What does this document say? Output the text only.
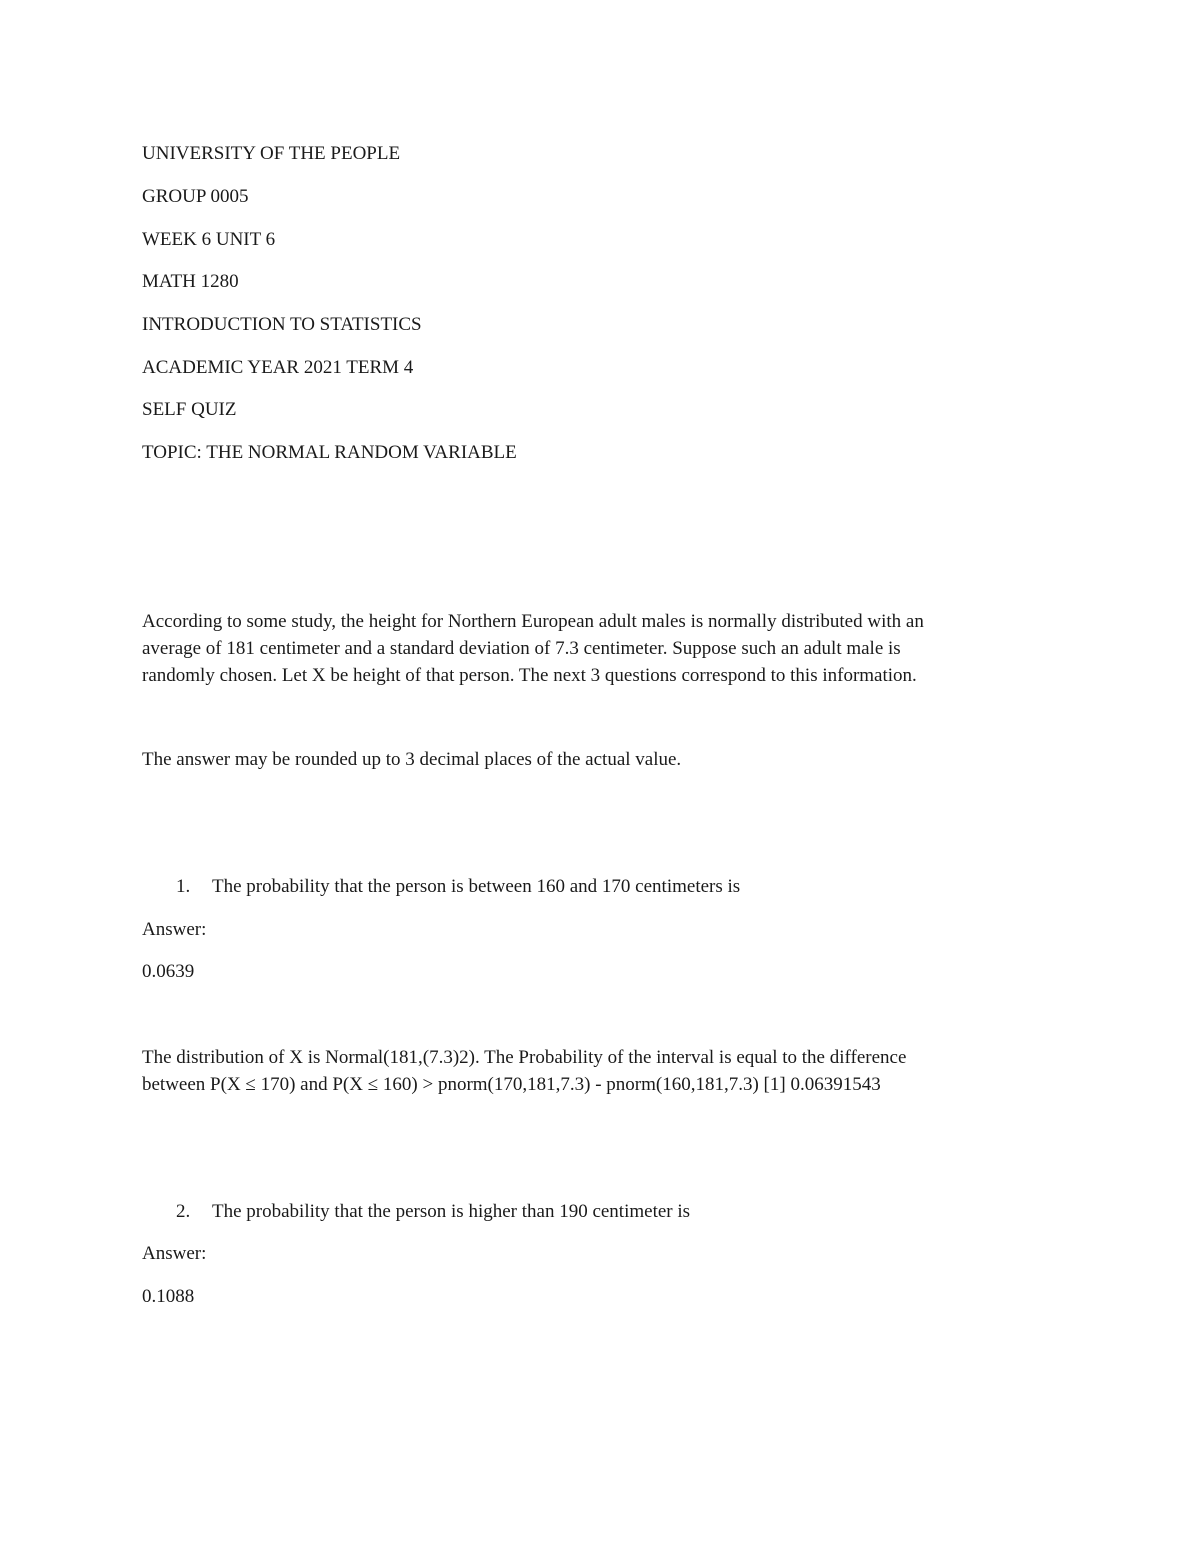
UNIVERSITY OF THE PEOPLE

GROUP 0005

WEEK 6 UNIT 6

MATH 1280

INTRODUCTION TO STATISTICS

ACADEMIC YEAR 2021 TERM 4

SELF QUIZ

TOPIC: THE NORMAL RANDOM VARIABLE

According to some study, the height for Northern European adult males is normally distributed with an
average of 181 centimeter and a standard deviation of 7.3 centimeter. Suppose such an adult male is
randomly chosen. Let X be height of that person. The next 3 questions correspond to this information.

The answer may be rounded up to 3 decimal places of the actual value.

1. The probability that the person is between 160 and 170 centimeters is

Answer:

0.0639

The distribution of X is Normal(181,(7.3)2). The Probability of the interval is equal to the difference
between P(X ≤ 170) and P(X ≤ 160) > pnorm(170,181,7.3) - pnorm(160,181,7.3) [1] 0.06391543

2. The probability that the person is higher than 190 centimeter is

Answer:

0.1088
